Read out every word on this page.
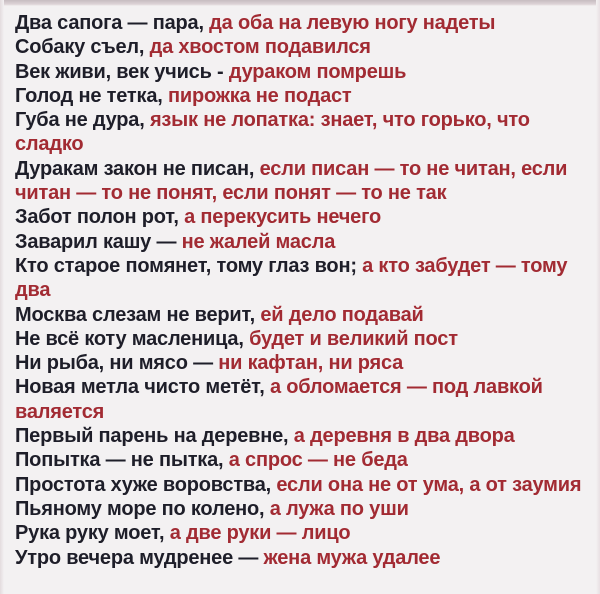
Два сапога — пара, да оба на левую ногу надеты

Собаку съел, да хвостом подавился

Век живи, век учись - дураком помрешь

Голод не тетка, пирожка не подаст

Губа не дура, язык не лопатка: знает, что горько, что сладко

Дуракам закон не писан, если писан — то не читан, если читан — то не понят, если понят — то не так

Забот полон рот, а перекусить нечего

Заварил кашу — не жалей масла

Кто старое помянет, тому глаз вон; а кто забудет — тому два

Москва слезам не верит, ей дело подавай

Не всё коту масленица, будет и великий пост

Ни рыба, ни мясо — ни кафтан, ни ряса

Новая метла чисто метёт, а обломается — под лавкой валяется

Первый парень на деревне, а деревня в два двора

Попытка — не пытка, а спрос — не беда

Простота хуже воровства, если она не от ума, а от заумия

Пьяному море по колено, а лужа по уши

Рука руку моет, а две руки — лицо

Утро вечера мудренее — жена мужа удалее
